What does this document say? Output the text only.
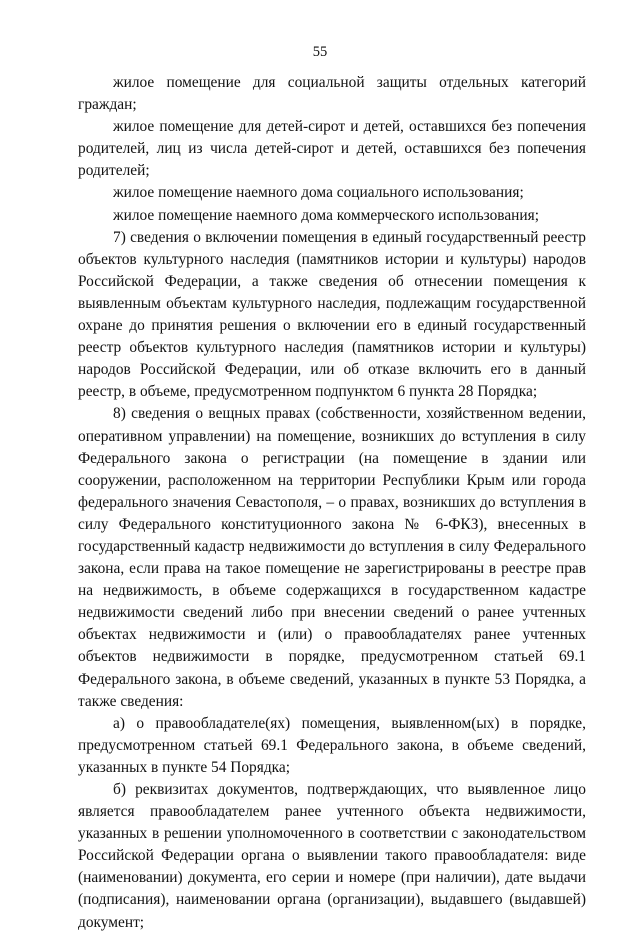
55

жилое помещение для социальной защиты отдельных категорий граждан;

жилое помещение для детей-сирот и детей, оставшихся без попечения родителей, лиц из числа детей-сирот и детей, оставшихся без попечения родителей;

жилое помещение наемного дома социального использования;

жилое помещение наемного дома коммерческого использования;

7) сведения о включении помещения в единый государственный реестр объектов культурного наследия (памятников истории и культуры) народов Российской Федерации, а также сведения об отнесении помещения к выявленным объектам культурного наследия, подлежащим государственной охране до принятия решения о включении его в единый государственный реестр объектов культурного наследия (памятников истории и культуры) народов Российской Федерации, или об отказе включить его в данный реестр, в объеме, предусмотренном подпунктом 6 пункта 28 Порядка;

8) сведения о вещных правах (собственности, хозяйственном ведении, оперативном управлении) на помещение, возникших до вступления в силу Федерального закона о регистрации (на помещение в здании или сооружении, расположенном на территории Республики Крым или города федерального значения Севастополя, – о правах, возникших до вступления в силу Федерального конституционного закона № 6-ФКЗ), внесенных в государственный кадастр недвижимости до вступления в силу Федерального закона, если права на такое помещение не зарегистрированы в реестре прав на недвижимость, в объеме содержащихся в государственном кадастре недвижимости сведений либо при внесении сведений о ранее учтенных объектах недвижимости и (или) о правообладателях ранее учтенных объектов недвижимости в порядке, предусмотренном статьей 69.1 Федерального закона, в объеме сведений, указанных в пункте 53 Порядка, а также сведения:

а) о правообладателе(ях) помещения, выявленном(ых) в порядке, предусмотренном статьей 69.1 Федерального закона, в объеме сведений, указанных в пункте 54 Порядка;

б) реквизитах документов, подтверждающих, что выявленное лицо является правообладателем ранее учтенного объекта недвижимости, указанных в решении уполномоченного в соответствии с законодательством Российской Федерации органа о выявлении такого правообладателя: виде (наименовании) документа, его серии и номере (при наличии), дате выдачи (подписания), наименовании органа (организации), выдавшего (выдавшей) документ;
